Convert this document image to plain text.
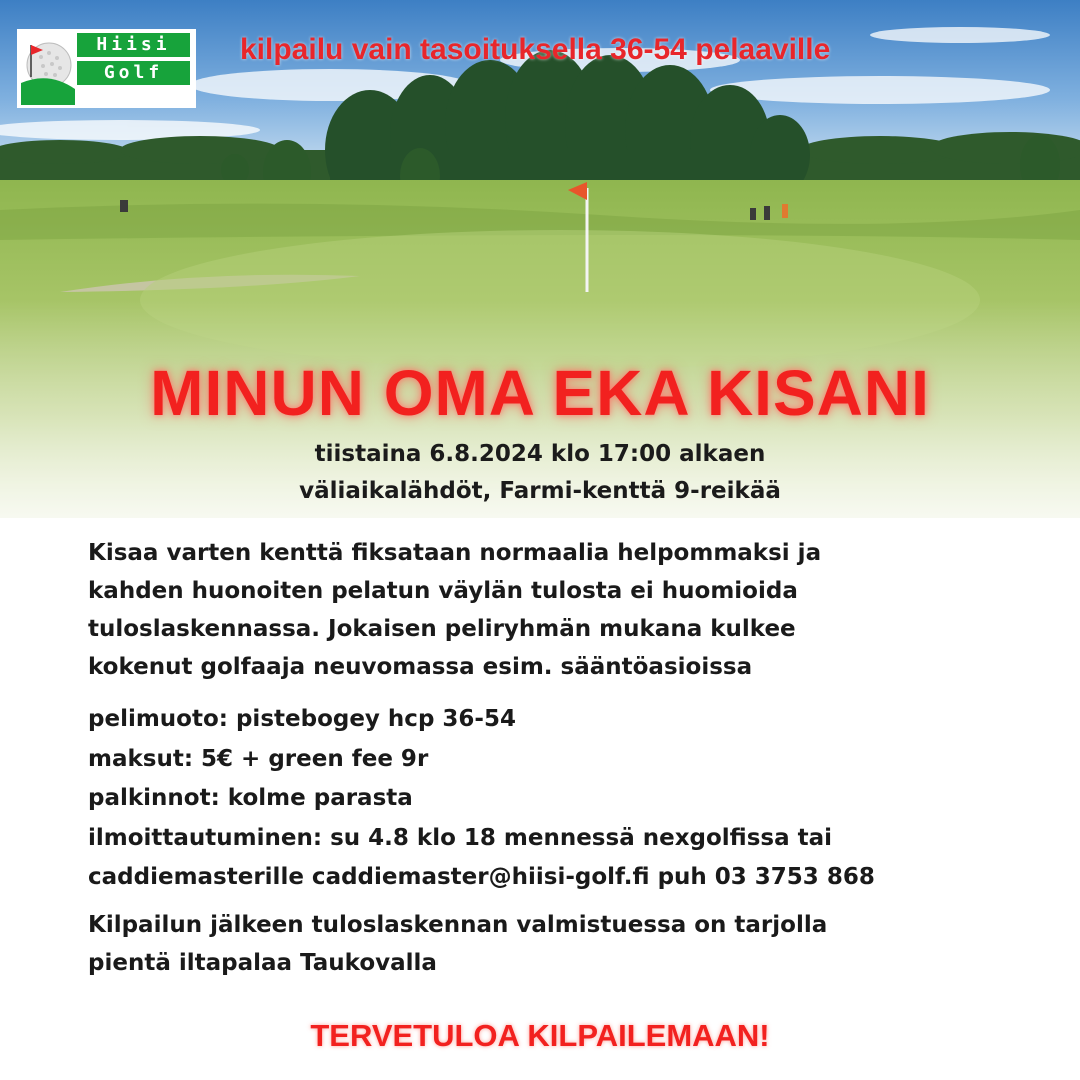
Hiisi
Golf
kilpailu vain tasoituksella 36-54 pelaaville
MINUN OMA EKA KISANI
tiistaina 6.8.2024 klo 17:00 alkaen
väliaikalähdöt, Farmi-kenttä 9-reikää
Kisaa varten kenttä fiksataan normaalia helpommaksi ja
kahden huonoiten pelatun väylän tulosta ei huomioida
tuloslaskennassa. Jokaisen peliryhmän mukana kulkee
kokenut golfaaja neuvomassa esim. sääntöasioissa
pelimuoto: pistebogey hcp 36-54
maksut: 5€ + green fee 9r
palkinnot: kolme parasta
ilmoittautuminen: su 4.8 klo 18 mennessä nexgolfissa tai
caddiemasterille caddiemaster@hiisi-golf.fi puh 03 3753 868
Kilpailun jälkeen tuloslaskennan valmistuessa on tarjolla
pientä iltapalaa Taukovalla
TERVETULOA KILPAILEMAAN!
